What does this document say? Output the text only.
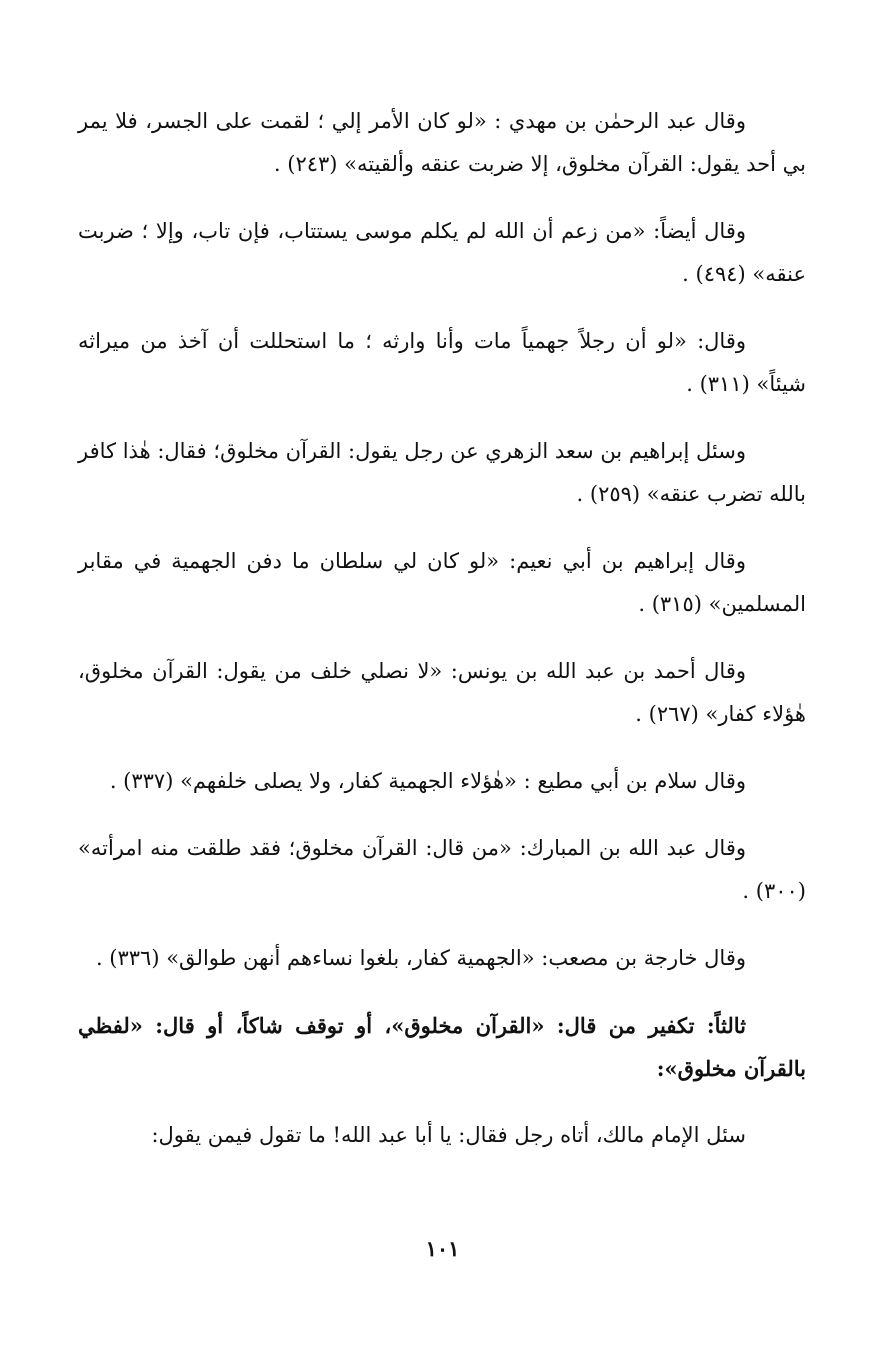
وقال عبد الرحمٰن بن مهدي : «لو كان الأمر إلي ؛ لقمت على الجسر، فلا يمر بي أحد يقول: القرآن مخلوق، إلا ضربت عنقه وألقيته» (٢٤٣) .

وقال أيضاً: «من زعم أن الله لم يكلم موسى يستتاب، فإن تاب، وإلا ؛ ضربت عنقه» (٤٩٤) .

وقال: «لو أن رجلاً جهمياً مات وأنا وارثه ؛ ما استحللت أن آخذ من ميراثه شيئاً» (٣١١) .

وسئل إبراهيم بن سعد الزهري عن رجل يقول: القرآن مخلوق؛ فقال: هٰذا كافر بالله تضرب عنقه» (٢٥٩) .

وقال إبراهيم بن أبي نعيم: «لو كان لي سلطان ما دفن الجهمية في مقابر المسلمين» (٣١٥) .

وقال أحمد بن عبد الله بن يونس: «لا نصلي خلف من يقول: القرآن مخلوق، هٰؤلاء كفار» (٢٦٧) .

وقال سلام بن أبي مطيع : «هٰؤلاء الجهمية كفار، ولا يصلى خلفهم» (٣٣٧) .

وقال عبد الله بن المبارك: «من قال: القرآن مخلوق؛ فقد طلقت منه امرأته» (٣٠٠) .

وقال خارجة بن مصعب: «الجهمية كفار، بلغوا نساءهم أنهن طوالق» (٣٣٦) .

ثالثاً: تكفير من قال: «القرآن مخلوق»، أو توقف شاكاً، أو قال: «لفظي بالقرآن مخلوق»:

سئل الإمام مالك، أتاه رجل فقال: يا أبا عبد الله! ما تقول فيمن يقول:

١٠١
